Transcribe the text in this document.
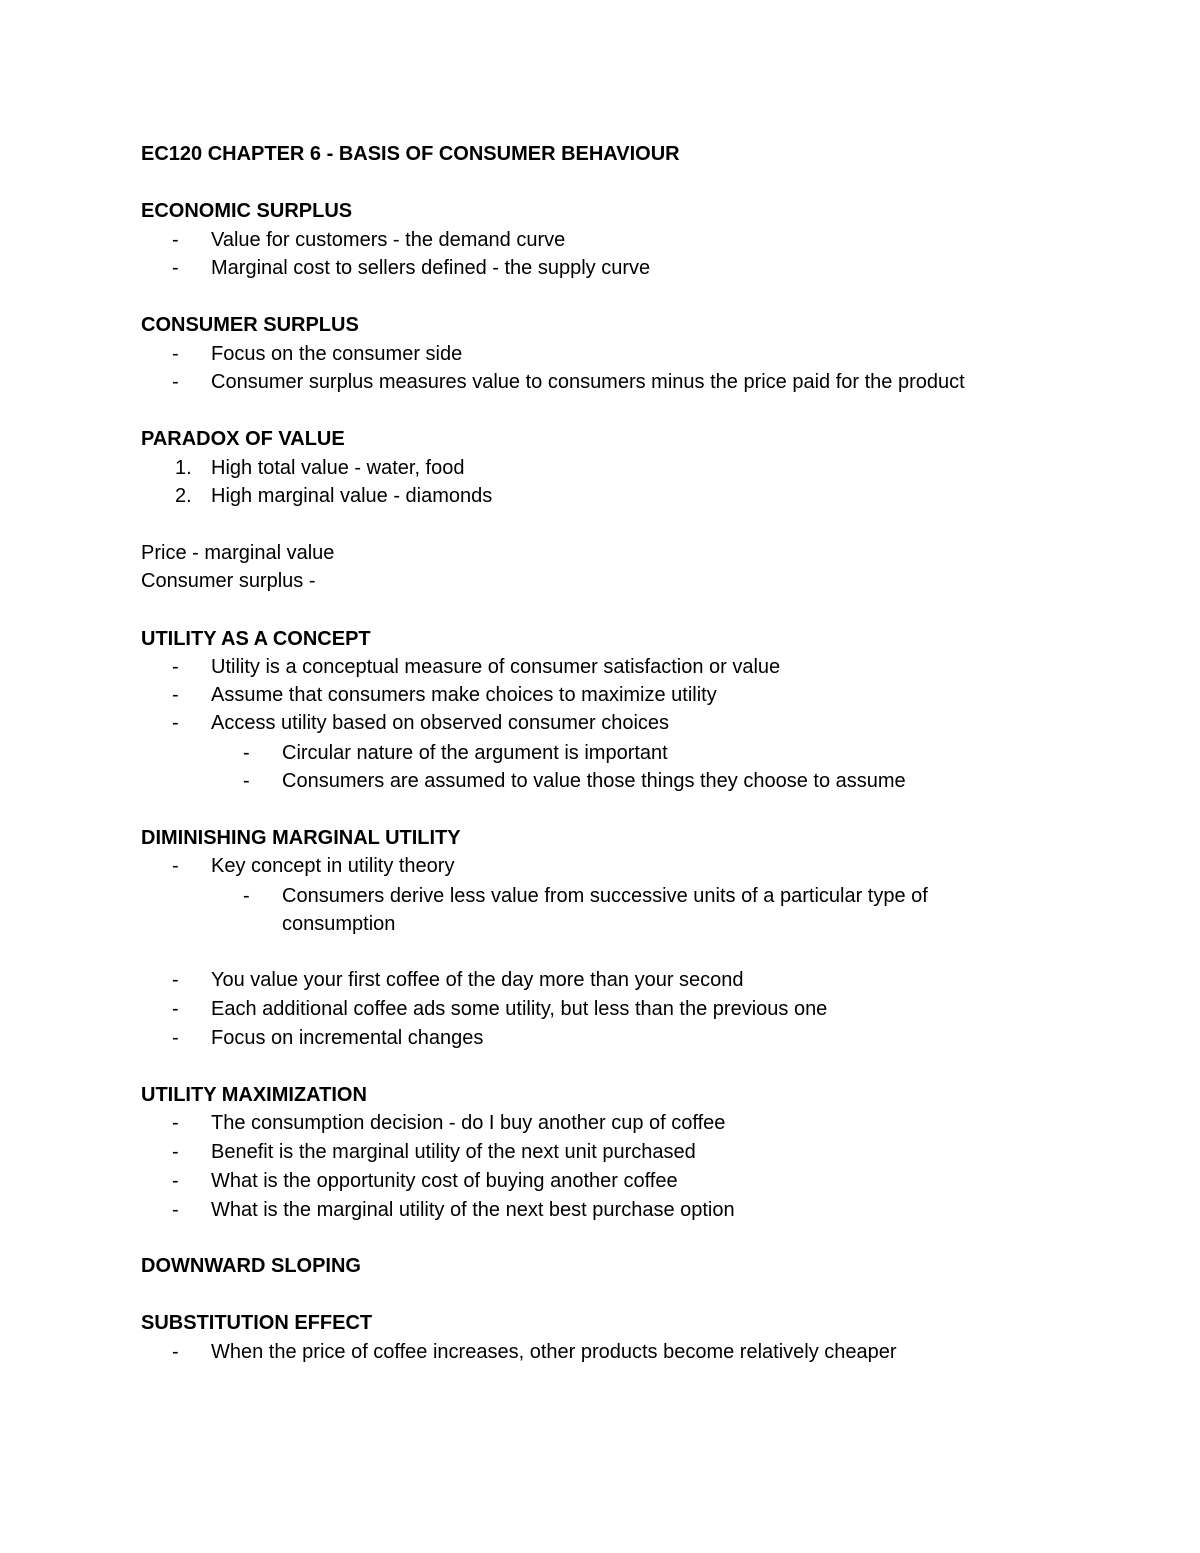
EC120 CHAPTER 6 - BASIS OF CONSUMER BEHAVIOUR
ECONOMIC SURPLUS
- Value for customers - the demand curve
- Marginal cost to sellers defined - the supply curve
CONSUMER SURPLUS
- Focus on the consumer side
- Consumer surplus measures value to consumers minus the price paid for the product
PARADOX OF VALUE
1. High total value - water, food
2. High marginal value - diamonds
Price - marginal value
Consumer surplus -
UTILITY AS A CONCEPT
- Utility is a conceptual measure of consumer satisfaction or value
- Assume that consumers make choices to maximize utility
- Access utility based on observed consumer choices
- Circular nature of the argument is important
- Consumers are assumed to value those things they choose to assume
DIMINISHING MARGINAL UTILITY
- Key concept in utility theory
- Consumers derive less value from successive units of a particular type of
consumption
- You value your first coffee of the day more than your second
- Each additional coffee ads some utility, but less than the previous one
- Focus on incremental changes
UTILITY MAXIMIZATION
- The consumption decision - do I buy another cup of coffee
- Benefit is the marginal utility of the next unit purchased
- What is the opportunity cost of buying another coffee
- What is the marginal utility of the next best purchase option
DOWNWARD SLOPING
SUBSTITUTION EFFECT
- When the price of coffee increases, other products become relatively cheaper
